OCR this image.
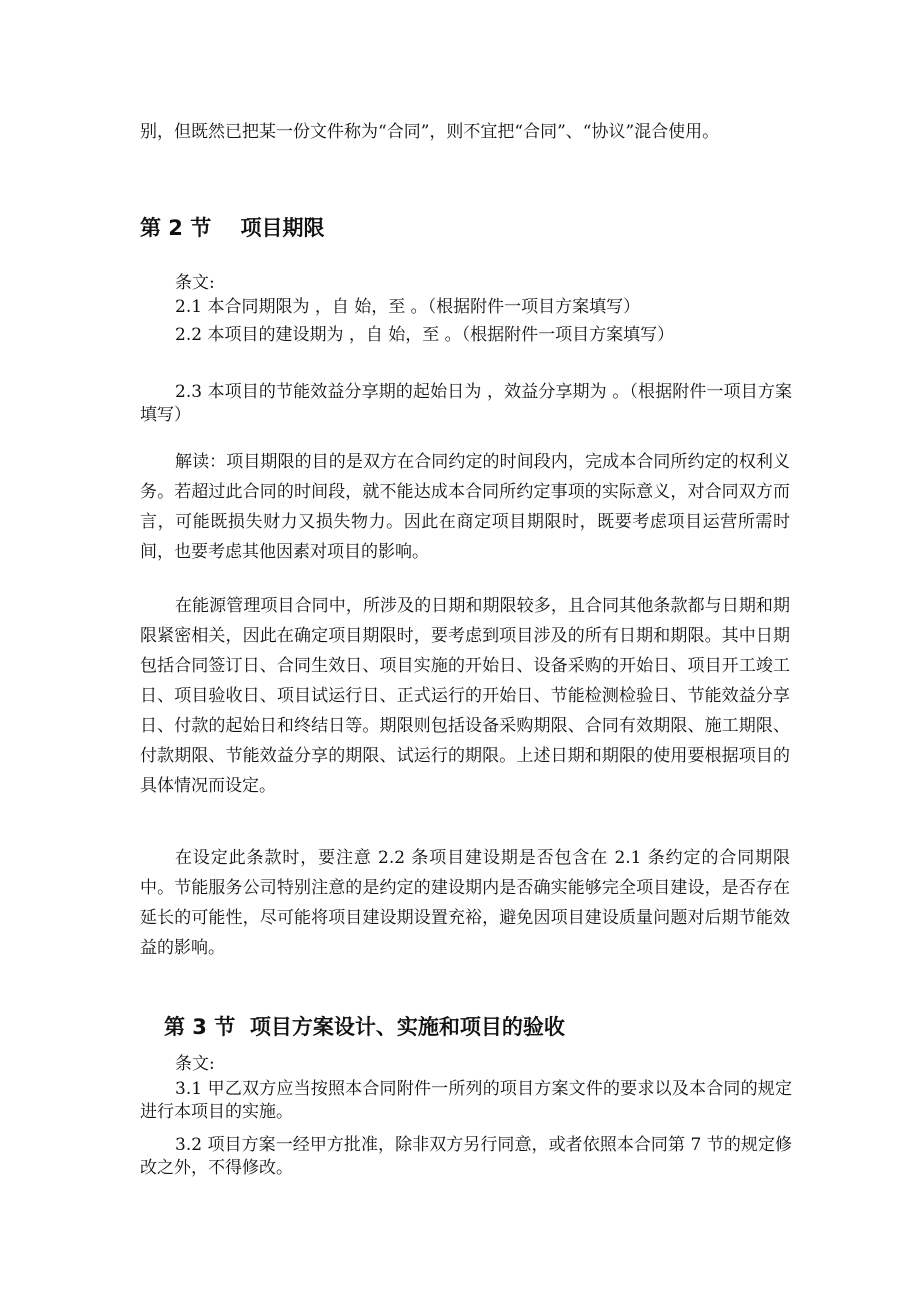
别，但既然已把某一份文件称为“合同”，则不宜把“合同”、“协议”混合使用。

第 2 节    项目期限

条文:

2.1 本合同期限为 ，自 始，至 。（根据附件一项目方案填写）

2.2 本项目的建设期为 ，自 始，至 。（根据附件一项目方案填写）

2.3 本项目的节能效益分享期的起始日为 ，效益分享期为 。（根据附件一项目方案填写）

解读：项目期限的目的是双方在合同约定的时间段内，完成本合同所约定的权利义务。若超过此合同的时间段，就不能达成本合同所约定事项的实际意义，对合同双方而言，可能既损失财力又损失物力。因此在商定项目期限时，既要考虑项目运营所需时间，也要考虑其他因素对项目的影响。

在能源管理项目合同中，所涉及的日期和期限较多，且合同其他条款都与日期和期限紧密相关，因此在确定项目期限时，要考虑到项目涉及的所有日期和期限。其中日期包括合同签订日、合同生效日、项目实施的开始日、设备采购的开始日、项目开工竣工日、项目验收日、项目试运行日、正式运行的开始日、节能检测检验日、节能效益分享日、付款的起始日和终结日等。期限则包括设备采购期限、合同有效期限、施工期限、付款期限、节能效益分享的期限、试运行的期限。上述日期和期限的使用要根据项目的具体情况而设定。

在设定此条款时，要注意 2.2 条项目建设期是否包含在 2.1 条约定的合同期限中。节能服务公司特别注意的是约定的建设期内是否确实能够完全项目建设，是否存在延长的可能性，尽可能将项目建设期设置充裕，避免因项目建设质量问题对后期节能效益的影响。

第 3 节  项目方案设计、实施和项目的验收

条文:

3.1 甲乙双方应当按照本合同附件一所列的项目方案文件的要求以及本合同的规定进行本项目的实施。

3.2 项目方案一经甲方批准，除非双方另行同意，或者依照本合同第 7 节的规定修改之外，不得修改。
